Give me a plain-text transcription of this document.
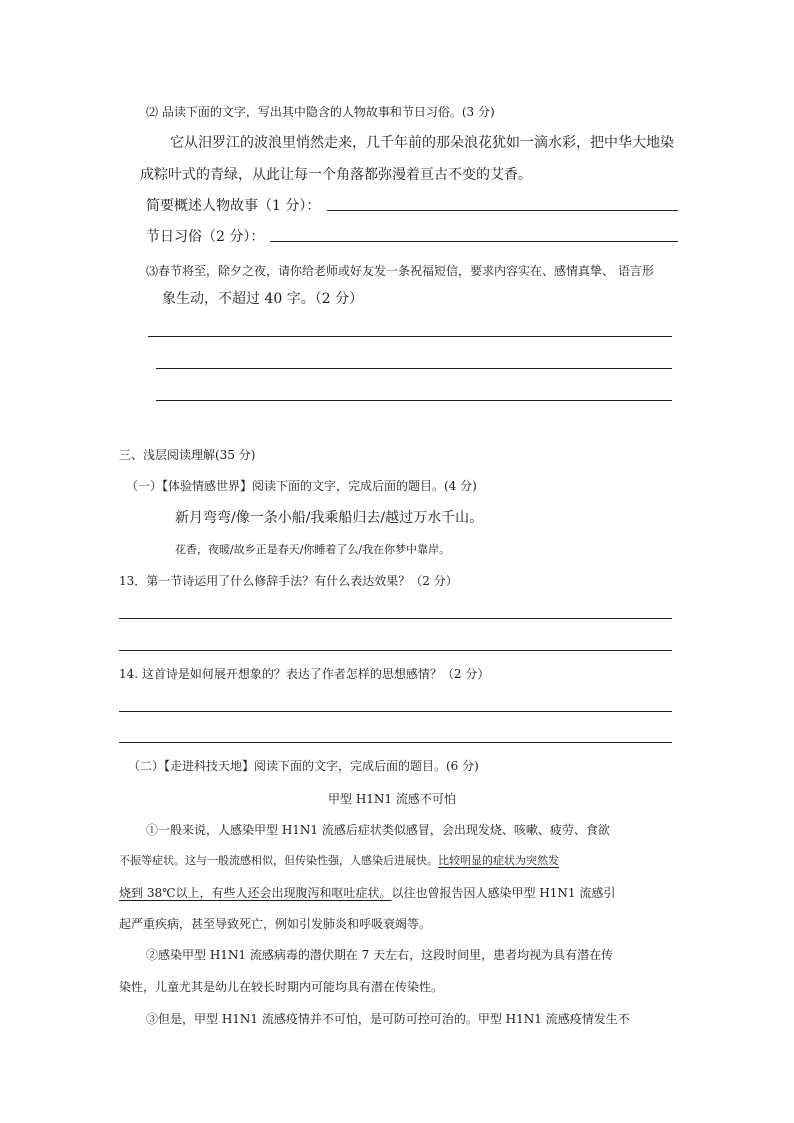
⑵ 品读下面的文字，写出其中隐含的人物故事和节日习俗。(3 分)
它从汨罗江的波浪里悄然走来，几千年前的那朵浪花犹如一滴水彩，把中华大地染
成粽叶式的青绿，从此让每一个角落都弥漫着亘古不变的艾香。
简要概述人物故事（1 分）：
节日习俗（2 分）：
⑶春节将至，除夕之夜，请你给老师或好友发一条祝福短信，要求内容实在、感情真挚、 语言形
象生动，不超过 40 字。（2 分）
三、浅层阅读理解(35 分)
（一）【体验情感世界】阅读下面的文字，完成后面的题目。(4 分)
新月弯弯/像一条小船/我乘船归去/越过万水千山。
花香，夜暖/故乡正是春天/你睡着了么/我在你梦中靠岸。
13．第一节诗运用了什么修辞手法？有什么表达效果？（2 分）
14. 这首诗是如何展开想象的？表达了作者怎样的思想感情？（2 分）
（二）【走进科技天地】阅读下面的文字，完成后面的题目。(6 分)
甲型 H1N1 流感不可怕
①一般来说，人感染甲型 H1N1 流感后症状类似感冒，会出现发烧、咳嗽、疲劳、食欲
不振等症状。这与一般流感相似，但传染性强，人感染后进展快。比较明显的症状为突然发
烧到 38℃以上，有些人还会出现腹泻和呕吐症状。以往也曾报告因人感染甲型 H1N1 流感引
起严重疾病，甚至导致死亡，例如引发肺炎和呼吸衰竭等。
②感染甲型 H1N1 流感病毒的潜伏期在 7 天左右，这段时间里，患者均视为具有潜在传
染性，儿童尤其是幼儿在较长时期内可能均具有潜在传染性。
③但是，甲型 H1N1 流感疫情并不可怕，是可防可控可治的。甲型 H1N1 流感疫情发生不
